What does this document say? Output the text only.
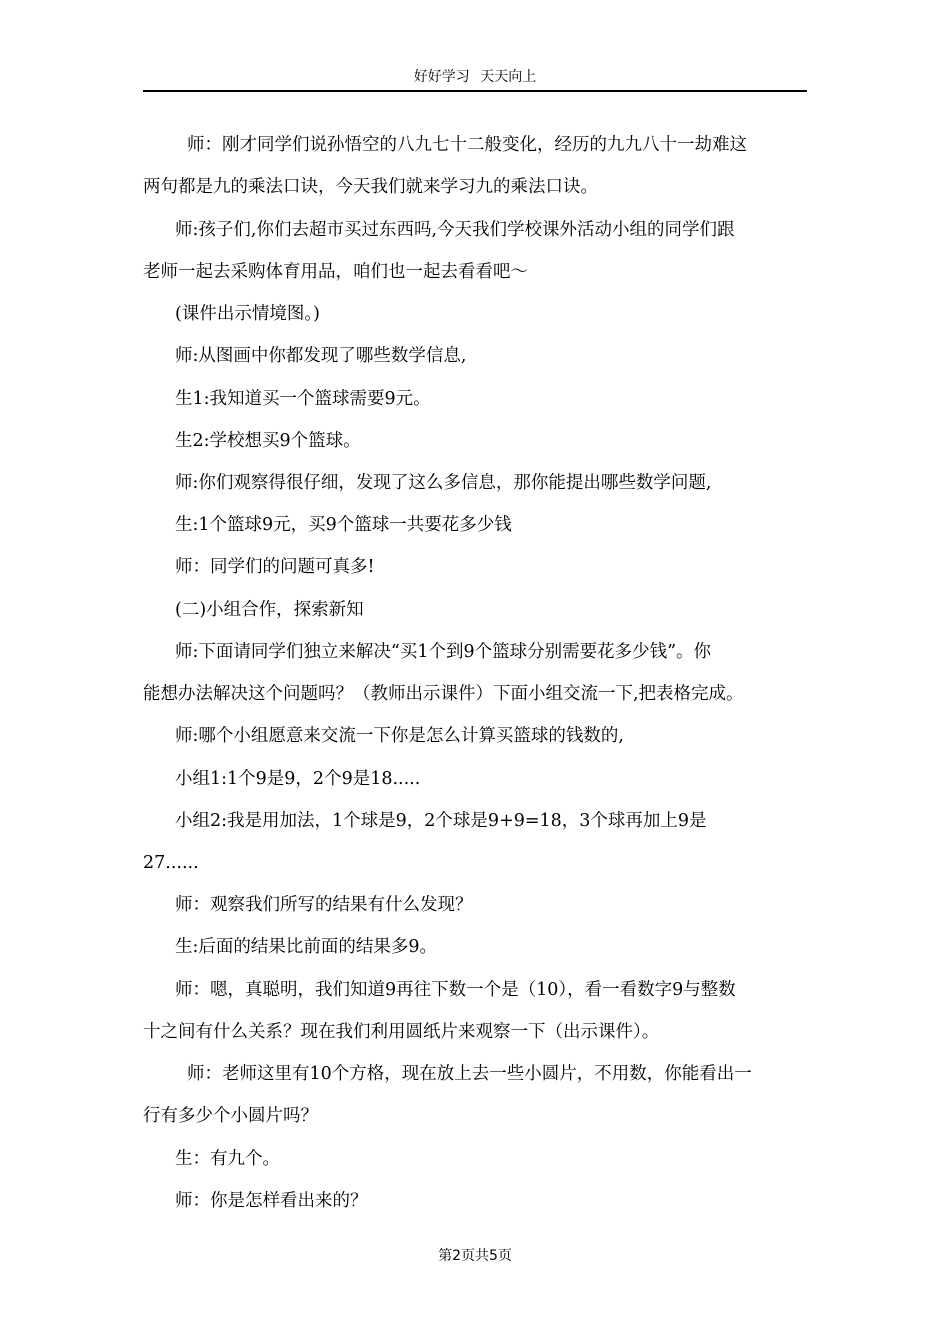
好好学习 天天向上
师：刚才同学们说孙悟空的八九七十二般变化，经历的九九八十一劫难这
两句都是九的乘法口诀，今天我们就来学习九的乘法口诀。
师:孩子们,你们去超市买过东西吗,今天我们学校课外活动小组的同学们跟
老师一起去采购体育用品，咱们也一起去看看吧～
(课件出示情境图。)
师:从图画中你都发现了哪些数学信息,
生1:我知道买一个篮球需要9元。
生2:学校想买9个篮球。
师:你们观察得很仔细，发现了这么多信息，那你能提出哪些数学问题,
生:1个篮球9元，买9个篮球一共要花多少钱
师：同学们的问题可真多!
(二)小组合作，探索新知
师:下面请同学们独立来解决“买1个到9个篮球分别需要花多少钱”。你
能想办法解决这个问题吗？（教师出示课件）下面小组交流一下,把表格完成。
师:哪个小组愿意来交流一下你是怎么计算买篮球的钱数的,
小组1:1个9是9，2个9是18.....
小组2:我是用加法，1个球是9，2个球是9+9=18，3个球再加上9是
27......
师：观察我们所写的结果有什么发现？
生:后面的结果比前面的结果多9。
师：嗯，真聪明，我们知道9再往下数一个是（10），看一看数字9与整数
十之间有什么关系？现在我们利用圆纸片来观察一下（出示课件）。
师：老师这里有10个方格，现在放上去一些小圆片，不用数，你能看出一
行有多少个小圆片吗？
生：有九个。
师：你是怎样看出来的？
第2页共5页
